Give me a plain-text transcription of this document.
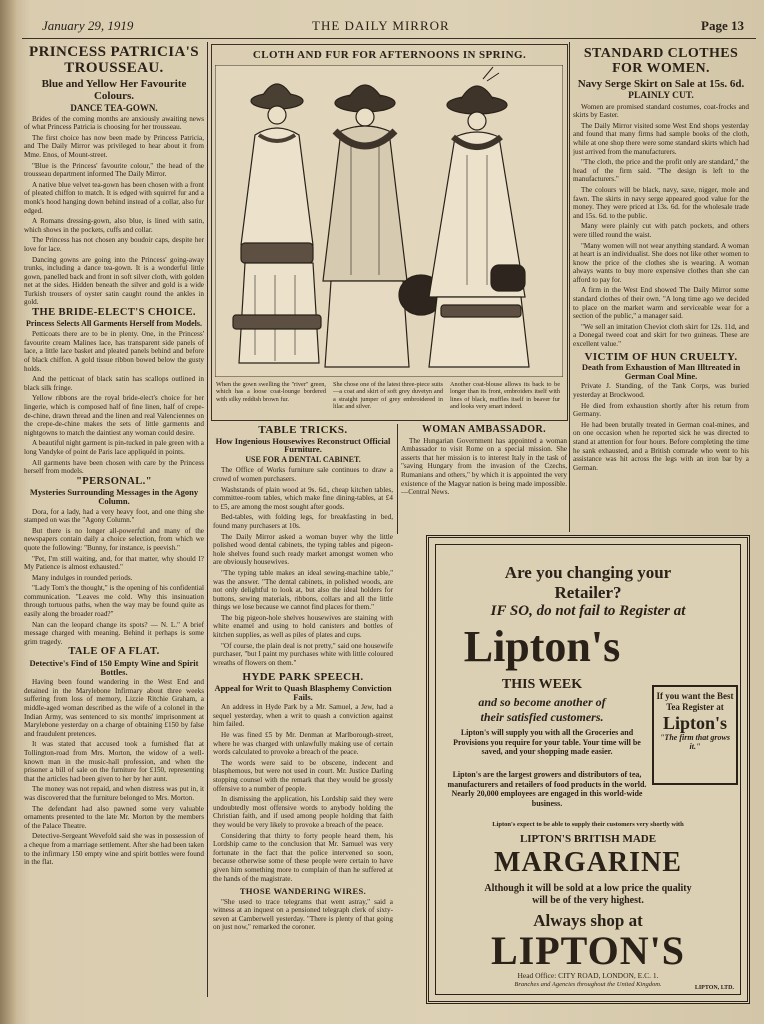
January 29, 1919	THE DAILY MIRROR	Page 13
PRINCESS PATRICIA'S TROUSSEAU.
Blue and Yellow Her Favourite Colours.
DANCE TEA-GOWN.

Brides of the coming months are anxiously awaiting news of what Princess Patricia is choosing for her trousseau.

The first choice has now been made by Princess Patricia, and The Daily Mirror was privileged to hear about it from Mme. Enos, of Mount-street.

"Blue is the Princess' favourite colour," the head of the trousseau department informed The Daily Mirror.

A native blue velvet tea-gown has been chosen with a front of pleated chiffon to match. It is edged with squirrel fur and a monk's hood hanging down behind instead of a collar, also fur edged.

A Romans dressing-gown, also blue, is lined with satin, which shows in the pockets, cuffs and collar.

The Princess has not chosen any boudoir caps, despite her love for lace.

Dancing gowns are going into the Princess' going-away trunks, including a dance tea-gown. It is a wonderful little gown, panelled back and front in soft silver cloth, with golden net at the sides. Hidden beneath the silver and gold is a wide Turkish trousers of oyster satin caught round the ankles in gold.

THE BRIDE-ELECT'S CHOICE.
Princess Selects All Garments Herself from Models.

Petticoats there are to be in plenty. One, in the Princess' favourite cream Malines lace, has transparent side panels of lace, a little lace basket and pleated panels behind and before of black chiffon. A gold tissue ribbon bowed below the gusty holds.

And the petticoat of black satin has scallops outlined in black silk fringe.

Yellow ribbons are the royal bride-elect's choice for her lingerie, which is composed half of fine linen, half of crepe-de-chine, drawn thread and the linen and real Valenciennes on the crepe-de-chine makes the sets of little garments and nightgowns to match the daintiest any woman could desire.

A beautiful night garment is pin-tucked in pale green with a long Vandyke of point de Paris lace appliquéd in points.

All garments have been chosen with care by the Princess herself from models.

"PERSONAL."
Mysteries Surrounding Messages in the Agony Column.

Dora, for a lady, had a very heavy foot, and one thing she stamped on was the "Agony Column."

But there is no longer all-powerful and many of the newspapers contain daily a choice selection, from which we quote the following: "Bunny, for instance, is peevish."

"Pet, I'm still waiting, and, for that matter, why should I? My Patience is almost exhausted."

Many indulges in rounded periods.

"Lady Tom's the thought," is the opening of his confidential communication. "Leaves me cold. Why this insinuation through tortuous paths, when the way may be found quite as easily along the broader road?"

Nan can the leopard change its spots? — N. L." A brief message charged with meaning. Behind it perhaps is some grim tragedy.

TALE OF A FLAT.
Detective's Find of 150 Empty Wine and Spirit Bottles.

Having been found wandering in the West End and detained in the Marylebone Infirmary about three weeks suffering from loss of memory, Lizzie Ritchie Graham, a middle-aged woman described as the wife of a colonel in the Indian Army, was sentenced to six months' imprisonment at Marylebone yesterday on a charge of obtaining £150 by false and fraudulent pretences.

It was stated that accused took a furnished flat at Tollington-road from Mrs. Morton, the widow of a well-known man in the music-hall profession, and when the prisoner a bill of sale on the furniture for £150, representing that the articles had been given to her by her aunt.

The money was not repaid, and when distress was put in, it was discovered that the furniture belonged to Mrs. Morton.

The defendant had also pawned some very valuable ornaments presented to the late Mr. Morton by the members of the Palace Theatre.

Detective-Sergeant Wevefold said she was in possession of a cheque from a marriage settlement. After she had been taken to the infirmary 150 empty wine and spirit bottles were found in the flat.

CLOTH AND FUR FOR AFTERNOONS IN SPRING.
When the gown swelling the "river" green, which has a loose coat-lounge bordered with silky reddish brown fur.
She chose one of the latest three-piece suits—a coat and skirt of soft grey duvetyn and a straight jumper of grey embroidered in lilac and silver.
Another coat-blouse allows its back to be longer than its front, embroiders itself with lines of black, muffles itself in beaver fur and looks very smart indeed.
TABLE TRICKS.
How Ingenious Housewives Reconstruct Official Furniture.
USE FOR A DENTAL CABINET.

The Office of Works furniture sale continues to draw a crowd of women purchasers.

Washstands of plain wood at 9s. 6d., cheap kitchen tables, committee-room tables, which make fine dining-tables, at £4 to £5, are among the most sought after goods.

Bed-tables, with folding legs, for breakfasting in bed, found many purchasers at 10s.

The Daily Mirror asked a woman buyer why the little polished wood dental cabinets, the typing tables and pigeon-hole shelves found such ready market amongst women who are obviously housewives.

"The typing table makes an ideal sewing-machine table," was the answer. "The dental cabinets, in polished woods, are not only delightful to look at, but also the ideal holders for buttons, sewing materials, ribbons, collars and all the little things we lose because we cannot find places for them."

The big pigeon-hole shelves housewives are staining with white enamel and using to hold canisters and bottles of kitchen supplies, as well as piles of plates and cups.

"Of course, the plain deal is not pretty," said one housewife purchaser, "but I paint my purchases white with little coloured wreaths of flowers on them."

HYDE PARK SPEECH.
Appeal for Writ to Quash Blasphemy Conviction Fails.

An address in Hyde Park by a Mr. Samuel, a Jew, had a sequel yesterday, when a writ to quash a conviction against him failed.

He was fined £5 by Mr. Denman at Marlborough-street, where he was charged with unlawfully making use of certain words calculated to provoke a breach of the peace.

The words were said to be obscene, indecent and blasphemous, but were not used in court. Mr. Justice Darling stopping counsel with the remark that they would be grossly offensive to a number of people.

In dismissing the application, his Lordship said they were undoubtedly most offensive words to anybody holding the Christian faith, and if used among people holding that faith they would be very likely to provoke a breach of the peace.

Considering that thirty to forty people heard them, his Lordship came to the conclusion that Mr. Samuel was very fortunate in the fact that the police intervened so soon, because otherwise some of these people were certain to have given him something more to complain of than he suffered at the hands of the magistrate.

THOSE WANDERING WIRES.

"She used to trace telegrams that went astray," said a witness at an inquest on a pensioned telegraph clerk of sixty-seven at Camberwell yesterday. "There is plenty of that going on just now," remarked the coroner.

WOMAN AMBASSADOR.

The Hungarian Government has appointed a woman Ambassador to visit Rome on a special mission. She asserts that her mission is to interest Italy in the task of "saving Hungary from the invasion of the Czechs, Rumanians and others," by which it is appointed the very existence of the Magyar nation is being made impossible.—Central News.

STANDARD CLOTHES FOR WOMEN.
Navy Serge Skirt on Sale at 15s. 6d.
PLAINLY CUT.

Women are promised standard costumes, coat-frocks and skirts by Easter.

The Daily Mirror visited some West End shops yesterday and found that many firms had sample books of the cloth, while at one shop there were some standard skirts which had just arrived from the manufacturers.

"The cloth, the price and the profit only are standard," the head of the firm said. "The design is left to the manufacturers."

The colours will be black, navy, saxe, nigger, mole and fawn. The skirts in navy serge appeared good value for the money. They were priced at 13s. 6d. for the wholesale trade and 15s. 6d. to the public.

Many were plainly cut with patch pockets, and others were tilled round the waist.

"Many women will not wear anything standard. A woman at heart is an individualist. She does not like other women to know the price of the clothes she is wearing. A woman always wants to buy more expensive clothes than she can afford to pay for.

A firm in the West End showed The Daily Mirror some standard clothes of their own. "A long time ago we decided to place on the market warm and serviceable wear for a section of the public," a manager said.

"We sell an imitation Cheviot cloth skirt for 12s. 11d, and a Donegal tweed coat and skirt for two guineas. These are excellent value."

VICTIM OF HUN CRUELTY.
Death from Exhaustion of Man Illtreated in German Coal Mine.

Private J. Standing, of the Tank Corps, was buried yesterday at Brockwood.

He died from exhaustion shortly after his return from Germany.

He had been brutally treated in German coal-mines, and on one occasion when he reported sick he was directed to stand at attention for four hours. Before completing the time he sank exhausted, and a British comrade who went to his assistance was hit across the legs with an iron bar by a German.

Are you changing your
Retailer?
IF SO, do not fail to Register at
Lipton's
THIS WEEK
and so become another of
their satisfied customers.
Lipton's will supply you with all the Groceries and Provisions you require for your table. Your time will be saved, and your shopping made easier.
Lipton's are the largest growers and distributors of tea, manufacturers and retailers of food products in the world. Nearly 20,000 employees are engaged in this world-wide business.
If you want the Best Tea Register at
Lipton's
"The firm that grows it."
Lipton's expect to be able to supply their customers very shortly with
LIPTON'S BRITISH MADE
MARGARINE
Although it will be sold at a low price the quality will be of the very highest.
Always shop at
LIPTON'S
Head Office: CITY ROAD, LONDON, E.C. 1.
Branches and Agencies throughout the United Kingdom.	LIPTON, LTD.
